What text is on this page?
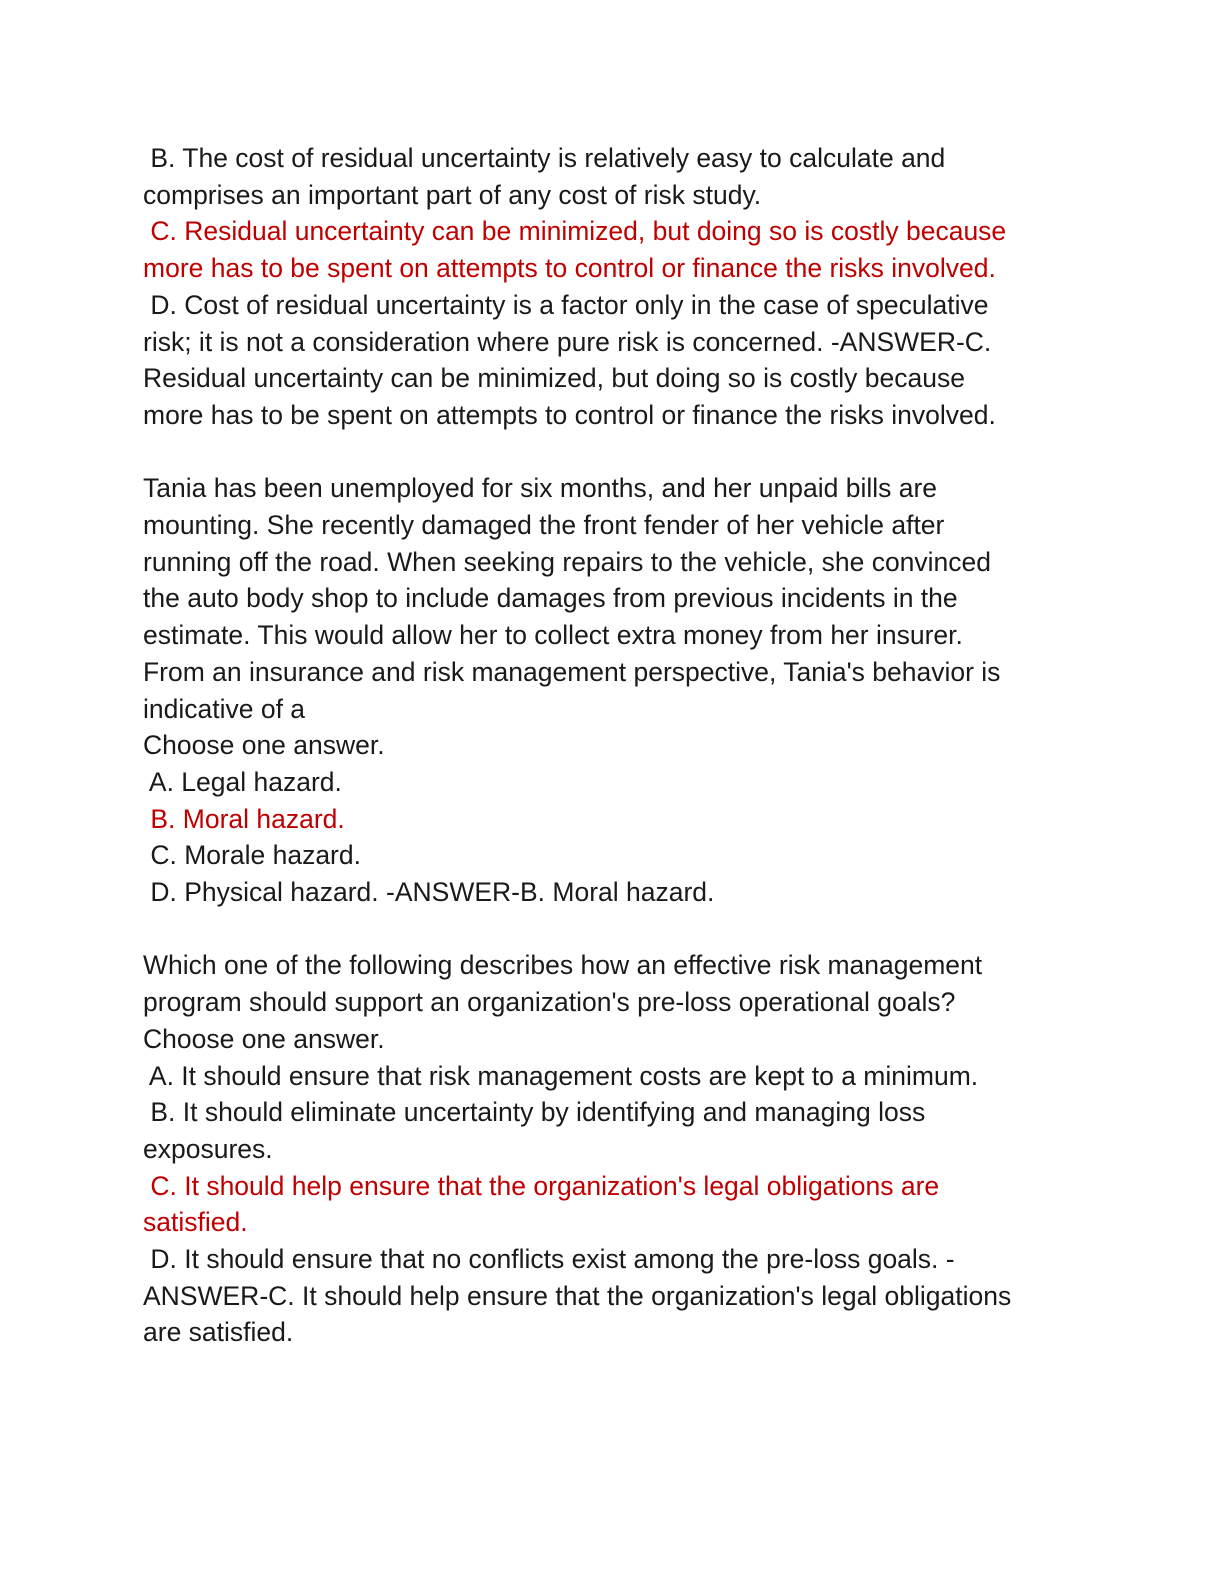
B. The cost of residual uncertainty is relatively easy to calculate and
comprises an important part of any cost of risk study.
C. Residual uncertainty can be minimized, but doing so is costly because
more has to be spent on attempts to control or finance the risks involved.
D. Cost of residual uncertainty is a factor only in the case of speculative
risk; it is not a consideration where pure risk is concerned. -ANSWER-C.
Residual uncertainty can be minimized, but doing so is costly because
more has to be spent on attempts to control or finance the risks involved.
Tania has been unemployed for six months, and her unpaid bills are
mounting. She recently damaged the front fender of her vehicle after
running off the road. When seeking repairs to the vehicle, she convinced
the auto body shop to include damages from previous incidents in the
estimate. This would allow her to collect extra money from her insurer.
From an insurance and risk management perspective, Tania's behavior is
indicative of a
Choose one answer.
A. Legal hazard.
B. Moral hazard.
C. Morale hazard.
D. Physical hazard. -ANSWER-B. Moral hazard.
Which one of the following describes how an effective risk management
program should support an organization's pre-loss operational goals?
Choose one answer.
A. It should ensure that risk management costs are kept to a minimum.
B. It should eliminate uncertainty by identifying and managing loss
exposures.
C. It should help ensure that the organization's legal obligations are
satisfied.
D. It should ensure that no conflicts exist among the pre-loss goals. -
ANSWER-C. It should help ensure that the organization's legal obligations
are satisfied.
